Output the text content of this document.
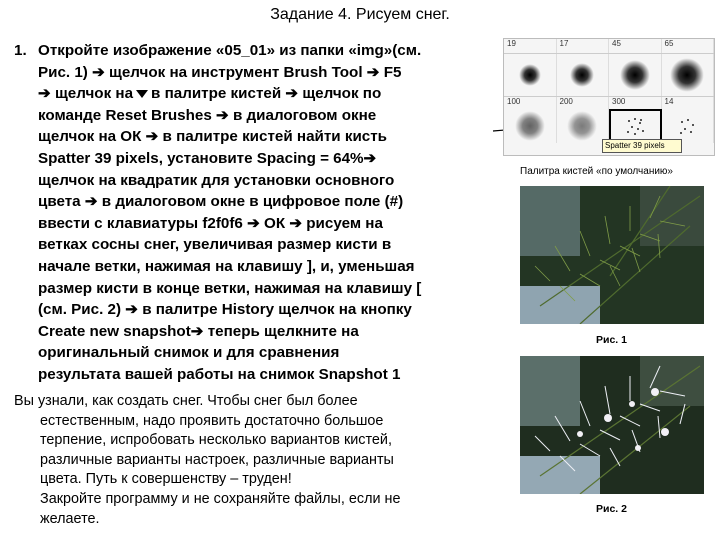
Задание 4. Рисуем снег.
1. Откройте изображение «05_01» из папки «img»(см.
Рис. 1) ➔ щелчок на инструмент Brush Tool ➔ F5
➔ щелчок на в палитре кистей ➔ щелчок по
команде Reset Brushes ➔ в диалоговом окне
щелчок на ОК ➔ в палитре кистей найти кисть
Spatter 39 pixels, установите Spacing = 64%➔
щелчок на квадратик для установки основного
цвета ➔ в диалоговом окне в цифровое поле (#)
ввести с клавиатуры f2f0f6 ➔ ОК ➔ рисуем на
ветках сосны снег, увеличивая размер кисти в
начале ветки, нажимая на клавишу ], и, уменьшая
размер кисти в конце ветки, нажимая на клавишу [
(см. Рис. 2) ➔ в палитре History щелчок на кнопку
Create new snapshot➔ теперь щелкните на
оригинальный снимок и для сравнения
результата вашей работы на снимок Snapshot 1
Вы узнали, как создать снег. Чтобы снег был более
естественным, надо проявить достаточно большое
терпение, испробовать несколько вариантов кистей,
различные варианты настроек, различные варианты
цвета. Путь к совершенству – труден!
Закройте программу и не сохраняйте файлы, если не
желаете.
19	17	45	65
100	200	300	14
Spatter 39 pixels
Палитра кистей «по умолчанию»
Рис. 1
Рис. 2
